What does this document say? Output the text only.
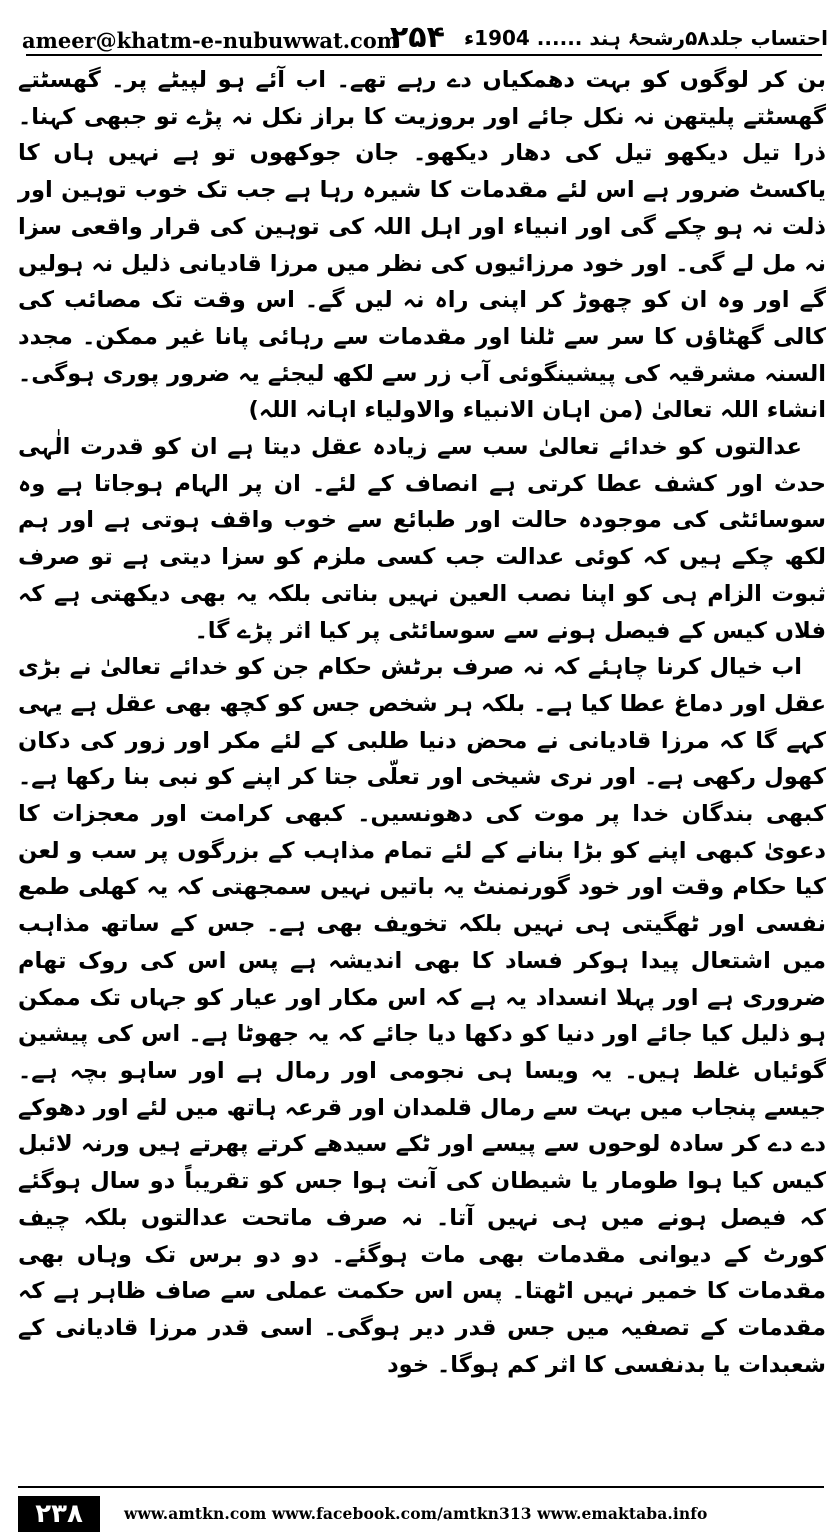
ameer@khatm-e-nubuwwat.com
۲۵۴ احتساب جلد۵۸رشحۂ ہند ...... 1904ء

بن کر لوگوں کو بہت دھمکیاں دے رہے تھے۔ اب آئے ہو لپیٹے پر۔ گھسٹتے گھسٹتے پلیتھن نہ نکل جائے اور بروزیت کا براز نکل نہ پڑے تو جبھی کہنا۔ ذرا تیل دیکھو تیل کی دھار دیکھو۔ جان جوکھوں تو ہے نہیں ہاں کا یاکسٹ ضرور ہے اس لئے مقدمات کا شیرہ رہا ہے جب تک خوب توہین اور ذلت نہ ہو چکے گی اور انبیاء اور اہل اللہ کی توہین کی قرار واقعی سزا نہ مل لے گی۔ اور خود مرزائیوں کی نظر میں مرزا قادیانی ذلیل نہ ہولیں گے اور وہ ان کو چھوڑ کر اپنی راہ نہ لیں گے۔ اس وقت تک مصائب کی کالی گھٹاؤں کا سر سے ٹلنا اور مقدمات سے رہائی پانا غیر ممکن۔ مجدد السنہ مشرقیہ کی پیشینگوئی آب زر سے لکھ لیجئے یہ ضرور پوری ہوگی۔ انشاء اللہ تعالیٰ (من اہان الانبیاء والاولیاء اہانہ اللہ)

عدالتوں کو خدائے تعالیٰ سب سے زیادہ عقل دیتا ہے ان کو قدرت الٰہی حدث اور کشف عطا کرتی ہے انصاف کے لئے۔ ان پر الہام ہوجاتا ہے وہ سوسائٹی کی موجودہ حالت اور طبائع سے خوب واقف ہوتی ہے اور ہم لکھ چکے ہیں کہ کوئی عدالت جب کسی ملزم کو سزا دیتی ہے تو صرف ثبوت الزام ہی کو اپنا نصب العین نہیں بناتی بلکہ یہ بھی دیکھتی ہے کہ فلاں کیس کے فیصل ہونے سے سوسائٹی پر کیا اثر پڑے گا۔

اب خیال کرنا چاہئے کہ نہ صرف برٹش حکام جن کو خدائے تعالیٰ نے بڑی عقل اور دماغ عطا کیا ہے۔ بلکہ ہر شخص جس کو کچھ بھی عقل ہے یہی کہے گا کہ مرزا قادیانی نے محض دنیا طلبی کے لئے مکر اور زور کی دکان کھول رکھی ہے۔ اور نری شیخی اور تعلّی جتا کر اپنے کو نبی بنا رکھا ہے۔ کبھی بندگان خدا پر موت کی دھونسیں۔ کبھی کرامت اور معجزات کا دعویٰ کبھی اپنے کو بڑا بنانے کے لئے تمام مذاہب کے بزرگوں پر سب و لعن کیا حکام وقت اور خود گورنمنٹ یہ باتیں نہیں سمجھتی کہ یہ کھلی طمع نفسی اور ٹھگیتی ہی نہیں بلکہ تخویف بھی ہے۔ جس کے ساتھ مذاہب میں اشتعال پیدا ہوکر فساد کا بھی اندیشہ ہے پس اس کی روک تھام ضروری ہے اور پہلا انسداد یہ ہے کہ اس مکار اور عیار کو جہاں تک ممکن ہو ذلیل کیا جائے اور دنیا کو دکھا دیا جائے کہ یہ جھوٹا ہے۔ اس کی پیشین گوئیاں غلط ہیں۔ یہ ویسا ہی نجومی اور رمال ہے اور ساہو بچہ ہے۔ جیسے پنجاب میں بہت سے رمال قلمدان اور قرعہ ہاتھ میں لئے اور دھوکے دے دے کر سادہ لوحوں سے پیسے اور ٹکے سیدھے کرتے پھرتے ہیں ورنہ لائبل کیس کیا ہوا طومار یا شیطان کی آنت ہوا جس کو تقریباً دو سال ہوگئے کہ فیصل ہونے میں ہی نہیں آتا۔ نہ صرف ماتحت عدالتوں بلکہ چیف کورٹ کے دیوانی مقدمات بھی مات ہوگئے۔ دو دو برس تک وہاں بھی مقدمات کا خمیر نہیں اٹھتا۔ پس اس حکمت عملی سے صاف ظاہر ہے کہ مقدمات کے تصفیہ میں جس قدر دیر ہوگی۔ اسی قدر مرزا قادیانی کے شعبدات یا بدنفسی کا اثر کم ہوگا۔ خود

۲۳۸	www.amtkn.com www.facebook.com/amtkn313 www.emaktaba.info
